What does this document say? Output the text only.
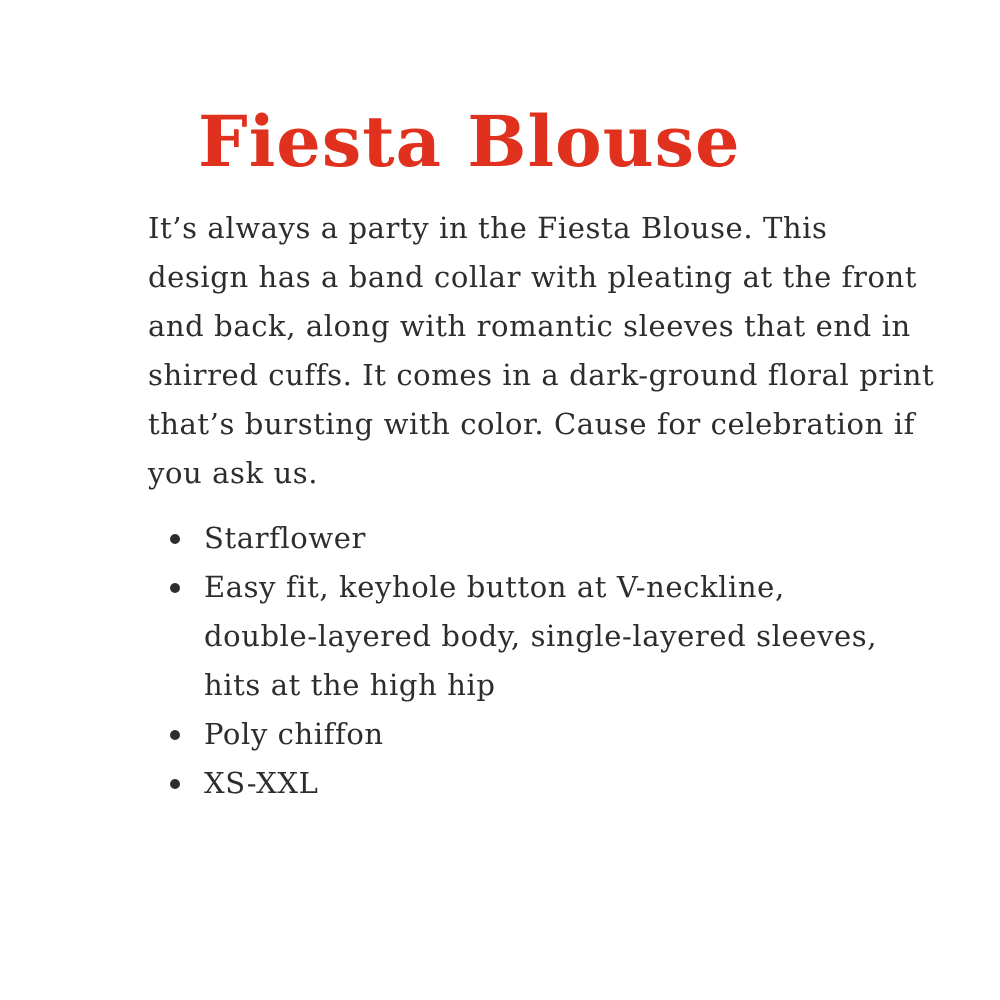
Fiesta Blouse

It’s always a party in the Fiesta Blouse. This design has a band collar with pleating at the front and back, along with romantic sleeves that end in shirred cuffs. It comes in a dark-ground floral print that’s bursting with color. Cause for celebration if you ask us.

Starflower
Easy fit, keyhole button at V-neckline, double-layered body, single-layered sleeves, hits at the high hip
Poly chiffon
XS-XXL
